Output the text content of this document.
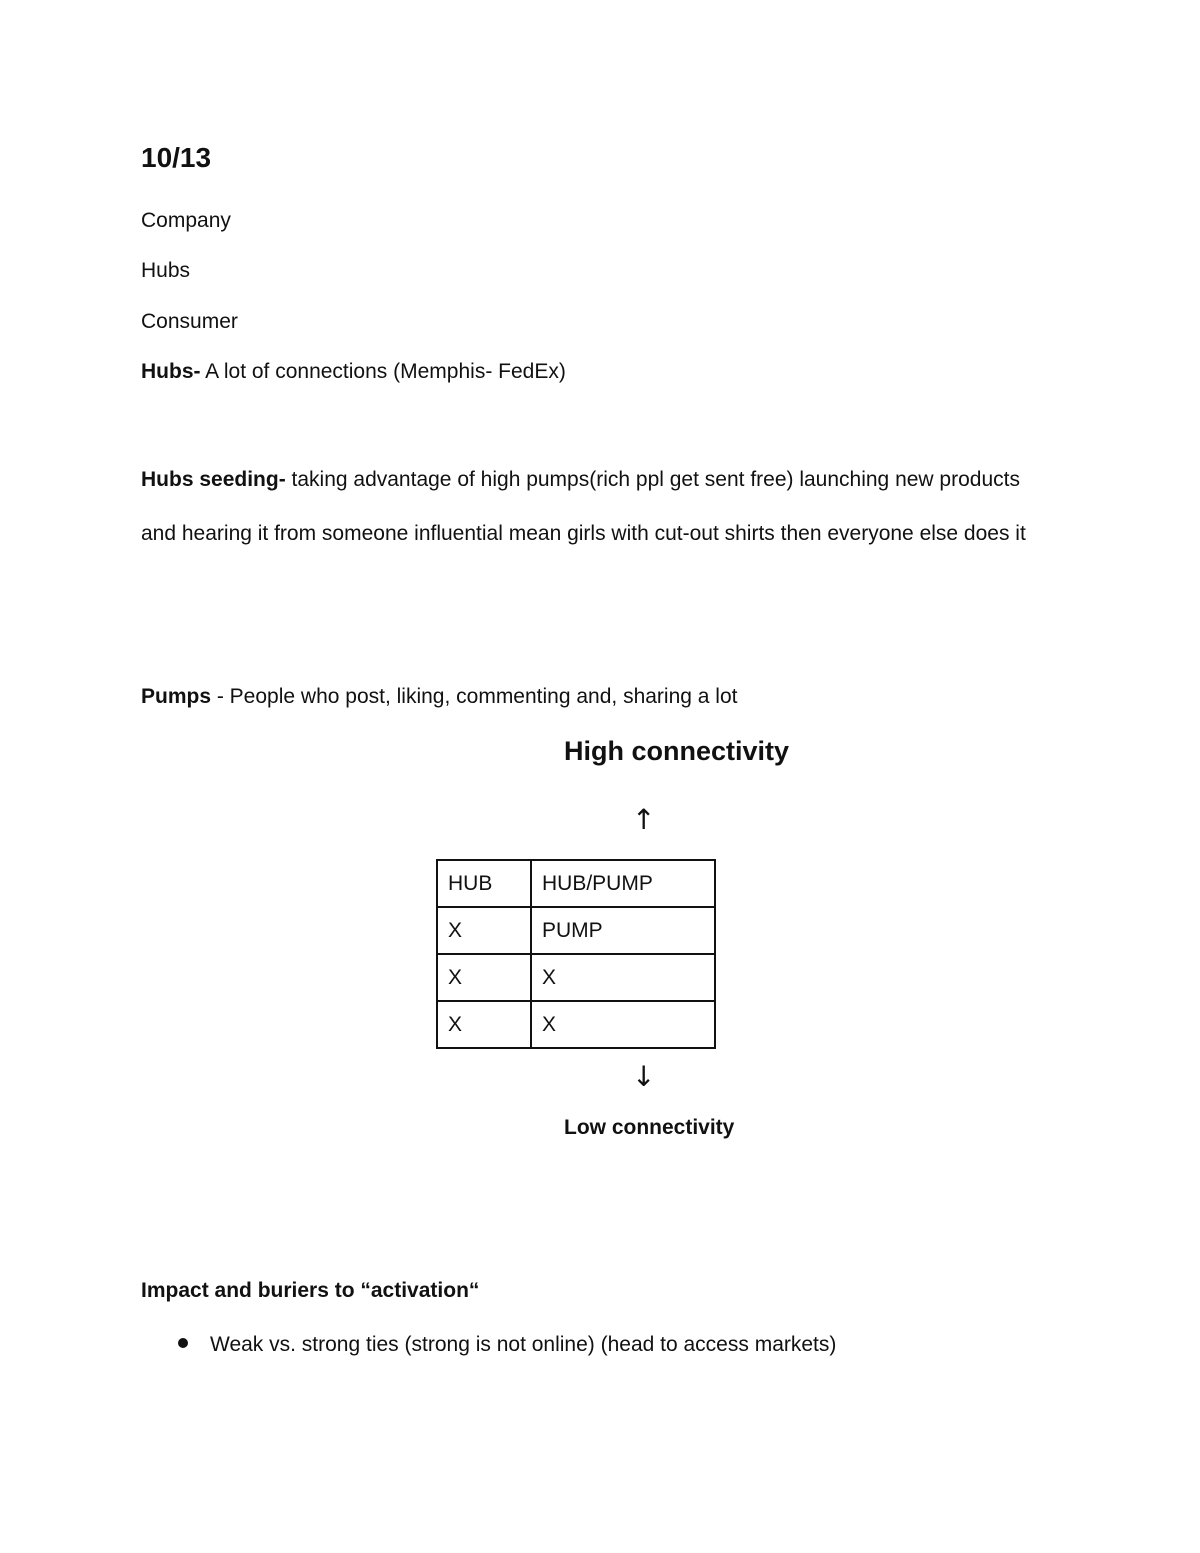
10/13
Company
Hubs
Consumer
Hubs- A lot of connections (Memphis- FedEx)
Hubs seeding- taking advantage of high pumps(rich ppl get sent free) launching new products and hearing it from someone influential mean girls with cut-out shirts then everyone else does it
Pumps - People who post, liking, commenting and, sharing a lot
High connectivity
↑
HUB	HUB/PUMP
X	PUMP
X	X
X	X
↓
Low connectivity
Impact and buriers to “activation“
Weak vs. strong ties (strong is not online) (head to access markets)
